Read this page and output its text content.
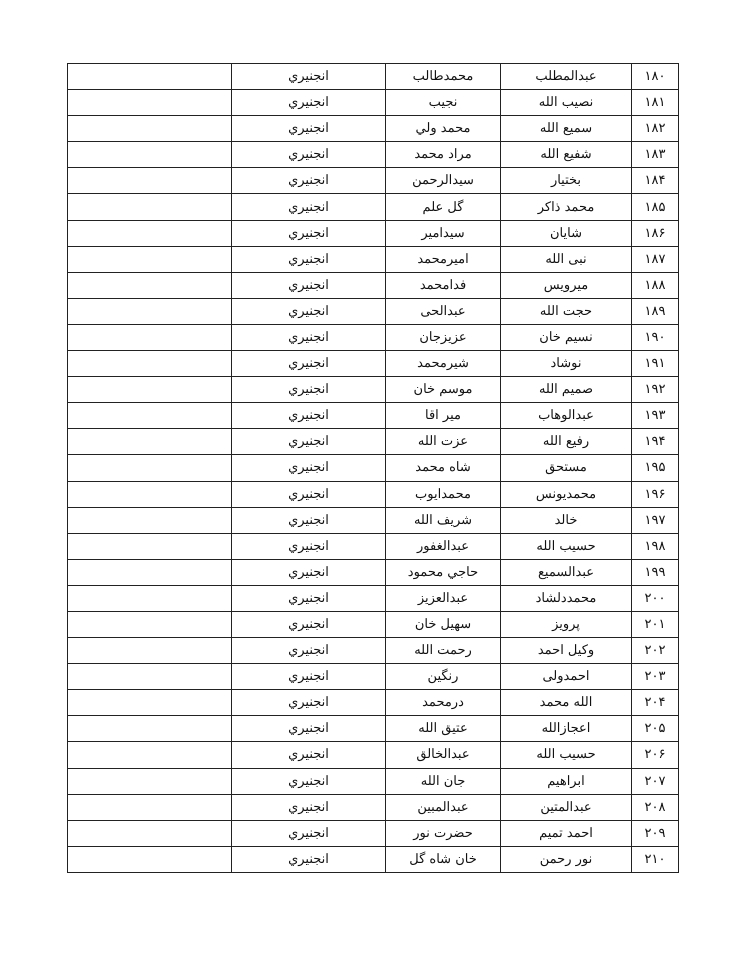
۱۸۰	عبدالمطلب	محمدطالب	انجنیري	
۱۸۱	نصیب الله	نجیب	انجنیري	
۱۸۲	سمیع الله	محمد ولي	انجنیري	
۱۸۳	شفیع الله	مراد محمد	انجنیري	
۱۸۴	بختیار	سیدالرحمن	انجنیري	
۱۸۵	محمد ذاکر	گل علم	انجنیري	
۱۸۶	شایان	سیدامیر	انجنیري	
۱۸۷	نبی الله	امیرمحمد	انجنیري	
۱۸۸	میرویس	فدامحمد	انجنیري	
۱۸۹	حجت الله	عبدالحی	انجنیري	
۱۹۰	نسیم خان	عزیزجان	انجنیري	
۱۹۱	نوشاد	شیرمحمد	انجنیري	
۱۹۲	صمیم الله	موسم خان	انجنیري	
۱۹۳	عبدالوهاب	میر اقا	انجنیري	
۱۹۴	رفیع الله	عزت الله	انجنیري	
۱۹۵	مستحق	شاه محمد	انجنیري	
۱۹۶	محمدیونس	محمدایوب	انجنیري	
۱۹۷	خالد	شریف الله	انجنیري	
۱۹۸	حسیب الله	عبدالغفور	انجنیري	
۱۹۹	عبدالسمیع	حاجي محمود	انجنیري	
۲۰۰	محمددلشاد	عبدالعزیز	انجنیري	
۲۰۱	پرویز	سهیل خان	انجنیري	
۲۰۲	وکیل احمد	رحمت الله	انجنیري	
۲۰۳	احمدولی	رنگین	انجنیري	
۲۰۴	الله محمد	درمحمد	انجنیري	
۲۰۵	اعجازالله	عتیق الله	انجنیري	
۲۰۶	حسیب الله	عبدالخالق	انجنیري	
۲۰۷	ابراهیم	جان الله	انجنیري	
۲۰۸	عبدالمتین	عبدالمبین	انجنیري	
۲۰۹	احمد تمیم	حضرت نور	انجنیري	
۲۱۰	نور رحمن	خان شاه گل	انجنیري	
